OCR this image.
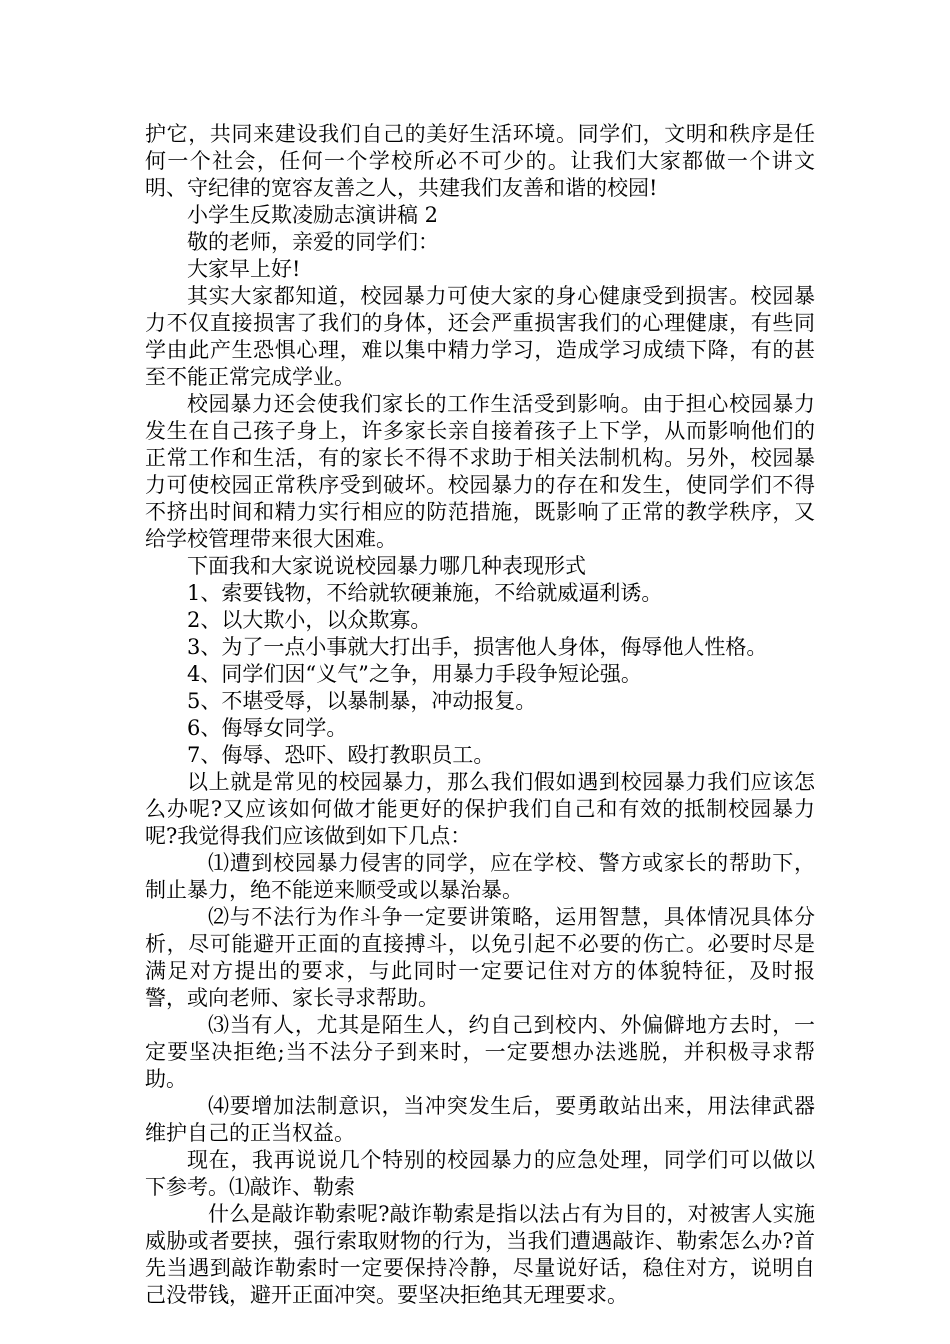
护它，共同来建设我们自己的美好生活环境。同学们，文明和秩序是任何一个社会，任何一个学校所必不可少的。让我们大家都做一个讲文明、守纪律的宽容友善之人，共建我们友善和谐的校园!

小学生反欺凌励志演讲稿 2

敬的老师，亲爱的同学们：

大家早上好!

其实大家都知道，校园暴力可使大家的身心健康受到损害。校园暴力不仅直接损害了我们的身体，还会严重损害我们的心理健康，有些同学由此产生恐惧心理，难以集中精力学习，造成学习成绩下降，有的甚至不能正常完成学业。

校园暴力还会使我们家长的工作生活受到影响。由于担心校园暴力发生在自己孩子身上，许多家长亲自接着孩子上下学，从而影响他们的正常工作和生活，有的家长不得不求助于相关法制机构。另外，校园暴力可使校园正常秩序受到破坏。校园暴力的存在和发生，使同学们不得不挤出时间和精力实行相应的防范措施，既影响了正常的教学秩序，又给学校管理带来很大困难。

下面我和大家说说校园暴力哪几种表现形式

1、索要钱物，不给就软硬兼施，不给就威逼利诱。

2、以大欺小，以众欺寡。

3、为了一点小事就大打出手，损害他人身体，侮辱他人性格。

4、同学们因“义气”之争，用暴力手段争短论强。

5、不堪受辱，以暴制暴，冲动报复。

6、侮辱女同学。

7、侮辱、恐吓、殴打教职员工。

以上就是常见的校园暴力，那么我们假如遇到校园暴力我们应该怎么办呢?又应该如何做才能更好的保护我们自己和有效的抵制校园暴力呢?我觉得我们应该做到如下几点：

⑴遭到校园暴力侵害的同学，应在学校、警方或家长的帮助下，制止暴力，绝不能逆来顺受或以暴治暴。

⑵与不法行为作斗争一定要讲策略，运用智慧，具体情况具体分析，尽可能避开正面的直接搏斗，以免引起不必要的伤亡。必要时尽是满足对方提出的要求，与此同时一定要记住对方的体貌特征，及时报警，或向老师、家长寻求帮助。

⑶当有人，尤其是陌生人，约自己到校内、外偏僻地方去时，一定要坚决拒绝;当不法分子到来时，一定要想办法逃脱，并积极寻求帮助。

⑷要增加法制意识，当冲突发生后，要勇敢站出来，用法律武器维护自己的正当权益。

现在，我再说说几个特别的校园暴力的应急处理，同学们可以做以下参考。⑴敲诈、勒索

什么是敲诈勒索呢?敲诈勒索是指以法占有为目的，对被害人实施威胁或者要挟，强行索取财物的行为，当我们遭遇敲诈、勒索怎么办?首先当遇到敲诈勒索时一定要保持冷静，尽量说好话，稳住对方，说明自己没带钱，避开正面冲突。要坚决拒绝其无理要求。
